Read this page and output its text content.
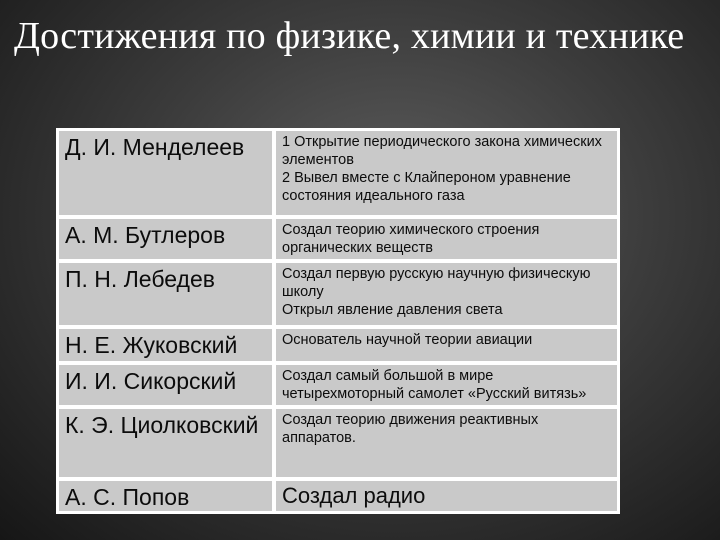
Достижения по физике, химии и технике
Д. И. Менделеев	1 Открытие периодического закона химических элементов
2 Вывел вместе с Клайпероном уравнение состояния идеального газа

А. М. Бутлеров	Создал теорию химического строения органических веществ

П. Н. Лебедев	Создал первую русскую научную физическую школу
Открыл явление давления света

Н. Е. Жуковский	Основатель научной теории авиации

И. И. Сикорский	Создал самый большой в мире четырехмоторный самолет «Русский витязь»

К. Э. Циолковский	Создал теорию движения реактивных аппаратов.

А. С. Попов	Создал радио
